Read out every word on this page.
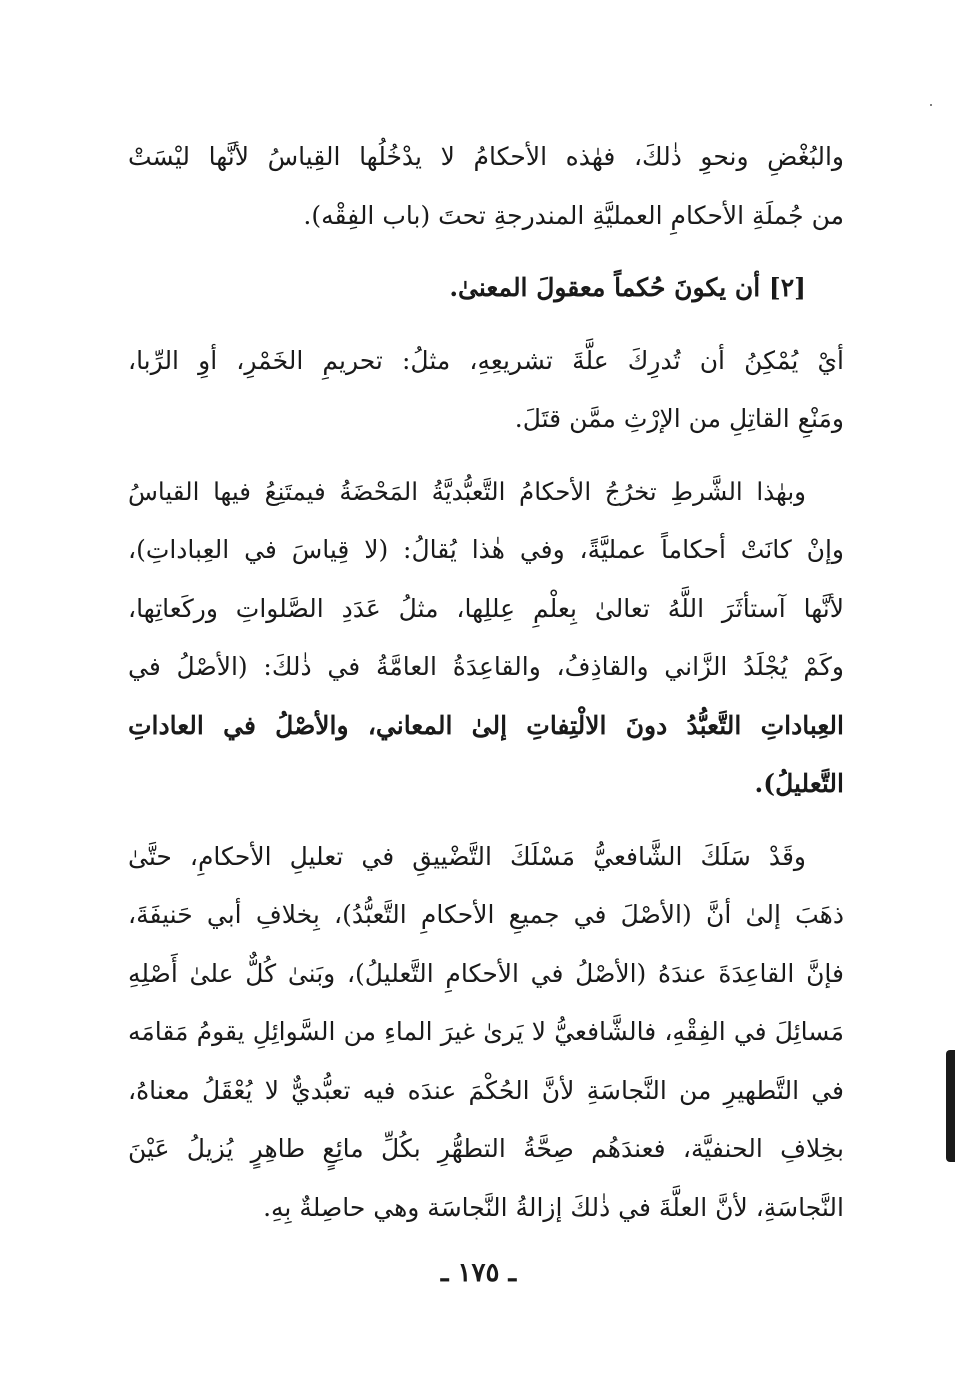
والبُغْضِ ونحوِ ذٰلكَ، فهٰذه الأحكامُ لا يدْخُلُها القِياسُ لأنَّها ليْسَتْ
من جُملَةِ الأحكامِ العمليَّةِ المندرجةِ تحتَ (باب الفِقْه).

[٢] أن يكونَ حُكماً معقولَ المعنىٰ.

أيْ يُمْكِنُ أن تُدرِكَ علَّةَ تشريعِهِ، مثلُ: تحريمِ الخَمْرِ، أوِ الرِّبا،
ومَنْعِ القاتِلِ من الإرْثِ ممَّن قتَلَ.

وبهٰذا الشَّرطِ تخرُجُ الأحكامُ التَّعبُّديَّةُ المَحْضَةُ فيمتَنِعُ فيها القياسُ
وإنْ كانَتْ أحكاماً عمليَّةً، وفي هٰذا يُقالُ: (لا قِياسَ في العِباداتِ)،
لأنَّها آستأثَرَ اللَّهُ تعالىٰ بِعلْمِ عِللِها، مثلُ عَدَدِ الصَّلواتِ وركَعاتِها،
وكَمْ يُجْلَدُ الزَّاني والقاذِفُ، والقاعِدَةُ العامَّةُ في ذٰلكَ: (الأصْلُ في
العِباداتِ التَّعبُّدُ دونَ الالْتِفاتِ إلىٰ المعاني، والأصْلُ في العاداتِ
التَّعليلُ).

وقَدْ سَلَكَ الشَّافعيُّ مَسْلَكَ التَّضْييقِ في تعليلِ الأحكامِ، حتَّىٰ
ذهَبَ إلىٰ أنَّ (الأصْلَ في جميعِ الأحكامِ التَّعبُّدُ)، بِخلافِ أبي حَنيفَةَ،
فإنَّ القاعِدَةَ عندَهُ (الأصْلُ في الأحكامِ التَّعليلُ)، وبَنىٰ كُلٌّ علىٰ أَصْلِهِ
مَسائِلَ في الفِقْهِ، فالشَّافعيُّ لا يَرىٰ غيرَ الماءِ من السَّوائِلِ يقومُ مَقامَه
في التَّطهيرِ من النَّجاسَةِ لأنَّ الحُكْمَ عندَه فيه تعبُّديٌّ لا يُعْقَلُ معناهُ،
بخِلافِ الحنفيَّة، فعندَهُم صِحَّةُ التطهُّرِ بكُلِّ مائِعٍ طاهِرٍ يُزيلُ عَيْنَ
النَّجاسَةِ، لأنَّ العلَّةَ في ذٰلكَ إزالةُ النَّجاسَة وهي حاصِلةٌ بِهِ.

ـ ١٧٥ ـ
